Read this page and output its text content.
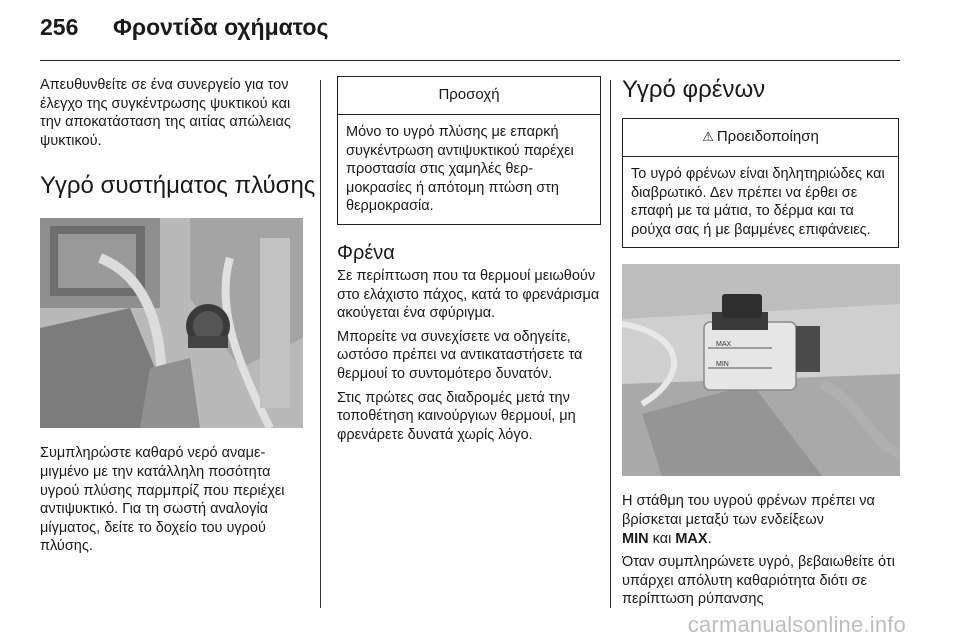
256 Φροντίδα οχήματος

Απευθυνθείτε σε ένα συνεργείο για τον έλεγχο της συγκέντρωσης ψυκτικού και την αποκατάσταση της αιτίας απώλειας ψυκτικού.

Υγρό συστήματος πλύσης

Συμπληρώστε καθαρό νερό αναμεμιγμένο με την κατάλληλη ποσότητα υγρού πλύσης παρμπρίζ που περιέχει αντιψυκτικό. Για τη σωστή αναλογία μίγματος, δείτε το δοχείο του υγρού πλύσης.

Προσοχή

Μόνο το υγρό πλύσης με επαρκή συγκέντρωση αντιψυκτικού παρέχει προστασία στις χαμηλές θερμοκρασίες ή απότομη πτώση στη θερμοκρασία.

Φρένα

Σε περίπτωση που τα θερμουί μειωθούν στο ελάχιστο πάχος, κατά το φρενάρισμα ακούγεται ένα σφύριγμα.

Μπορείτε να συνεχίσετε να οδηγείτε, ωστόσο πρέπει να αντικαταστήσετε τα θερμουί το συντομότερο δυνατόν.

Στις πρώτες σας διαδρομές μετά την τοποθέτηση καινούργιων θερμουί, μη φρενάρετε δυνατά χωρίς λόγο.

Υγρό φρένων
⚠ Προειδοποίηση

Το υγρό φρένων είναι δηλητηριώδες και διαβρωτικό. Δεν πρέπει να έρθει σε επαφή με τα μάτια, το δέρμα και τα ρούχα σας ή με βαμμένες επιφάνειες.

MAX
MIN

Η στάθμη του υγρού φρένων πρέπει να βρίσκεται μεταξύ των ενδείξεων
MIN και MAX.

Όταν συμπληρώνετε υγρό, βεβαιωθείτε ότι υπάρχει απόλυτη καθαριότητα διότι σε περίπτωση ρύπανσης

carmanualsonline.info
